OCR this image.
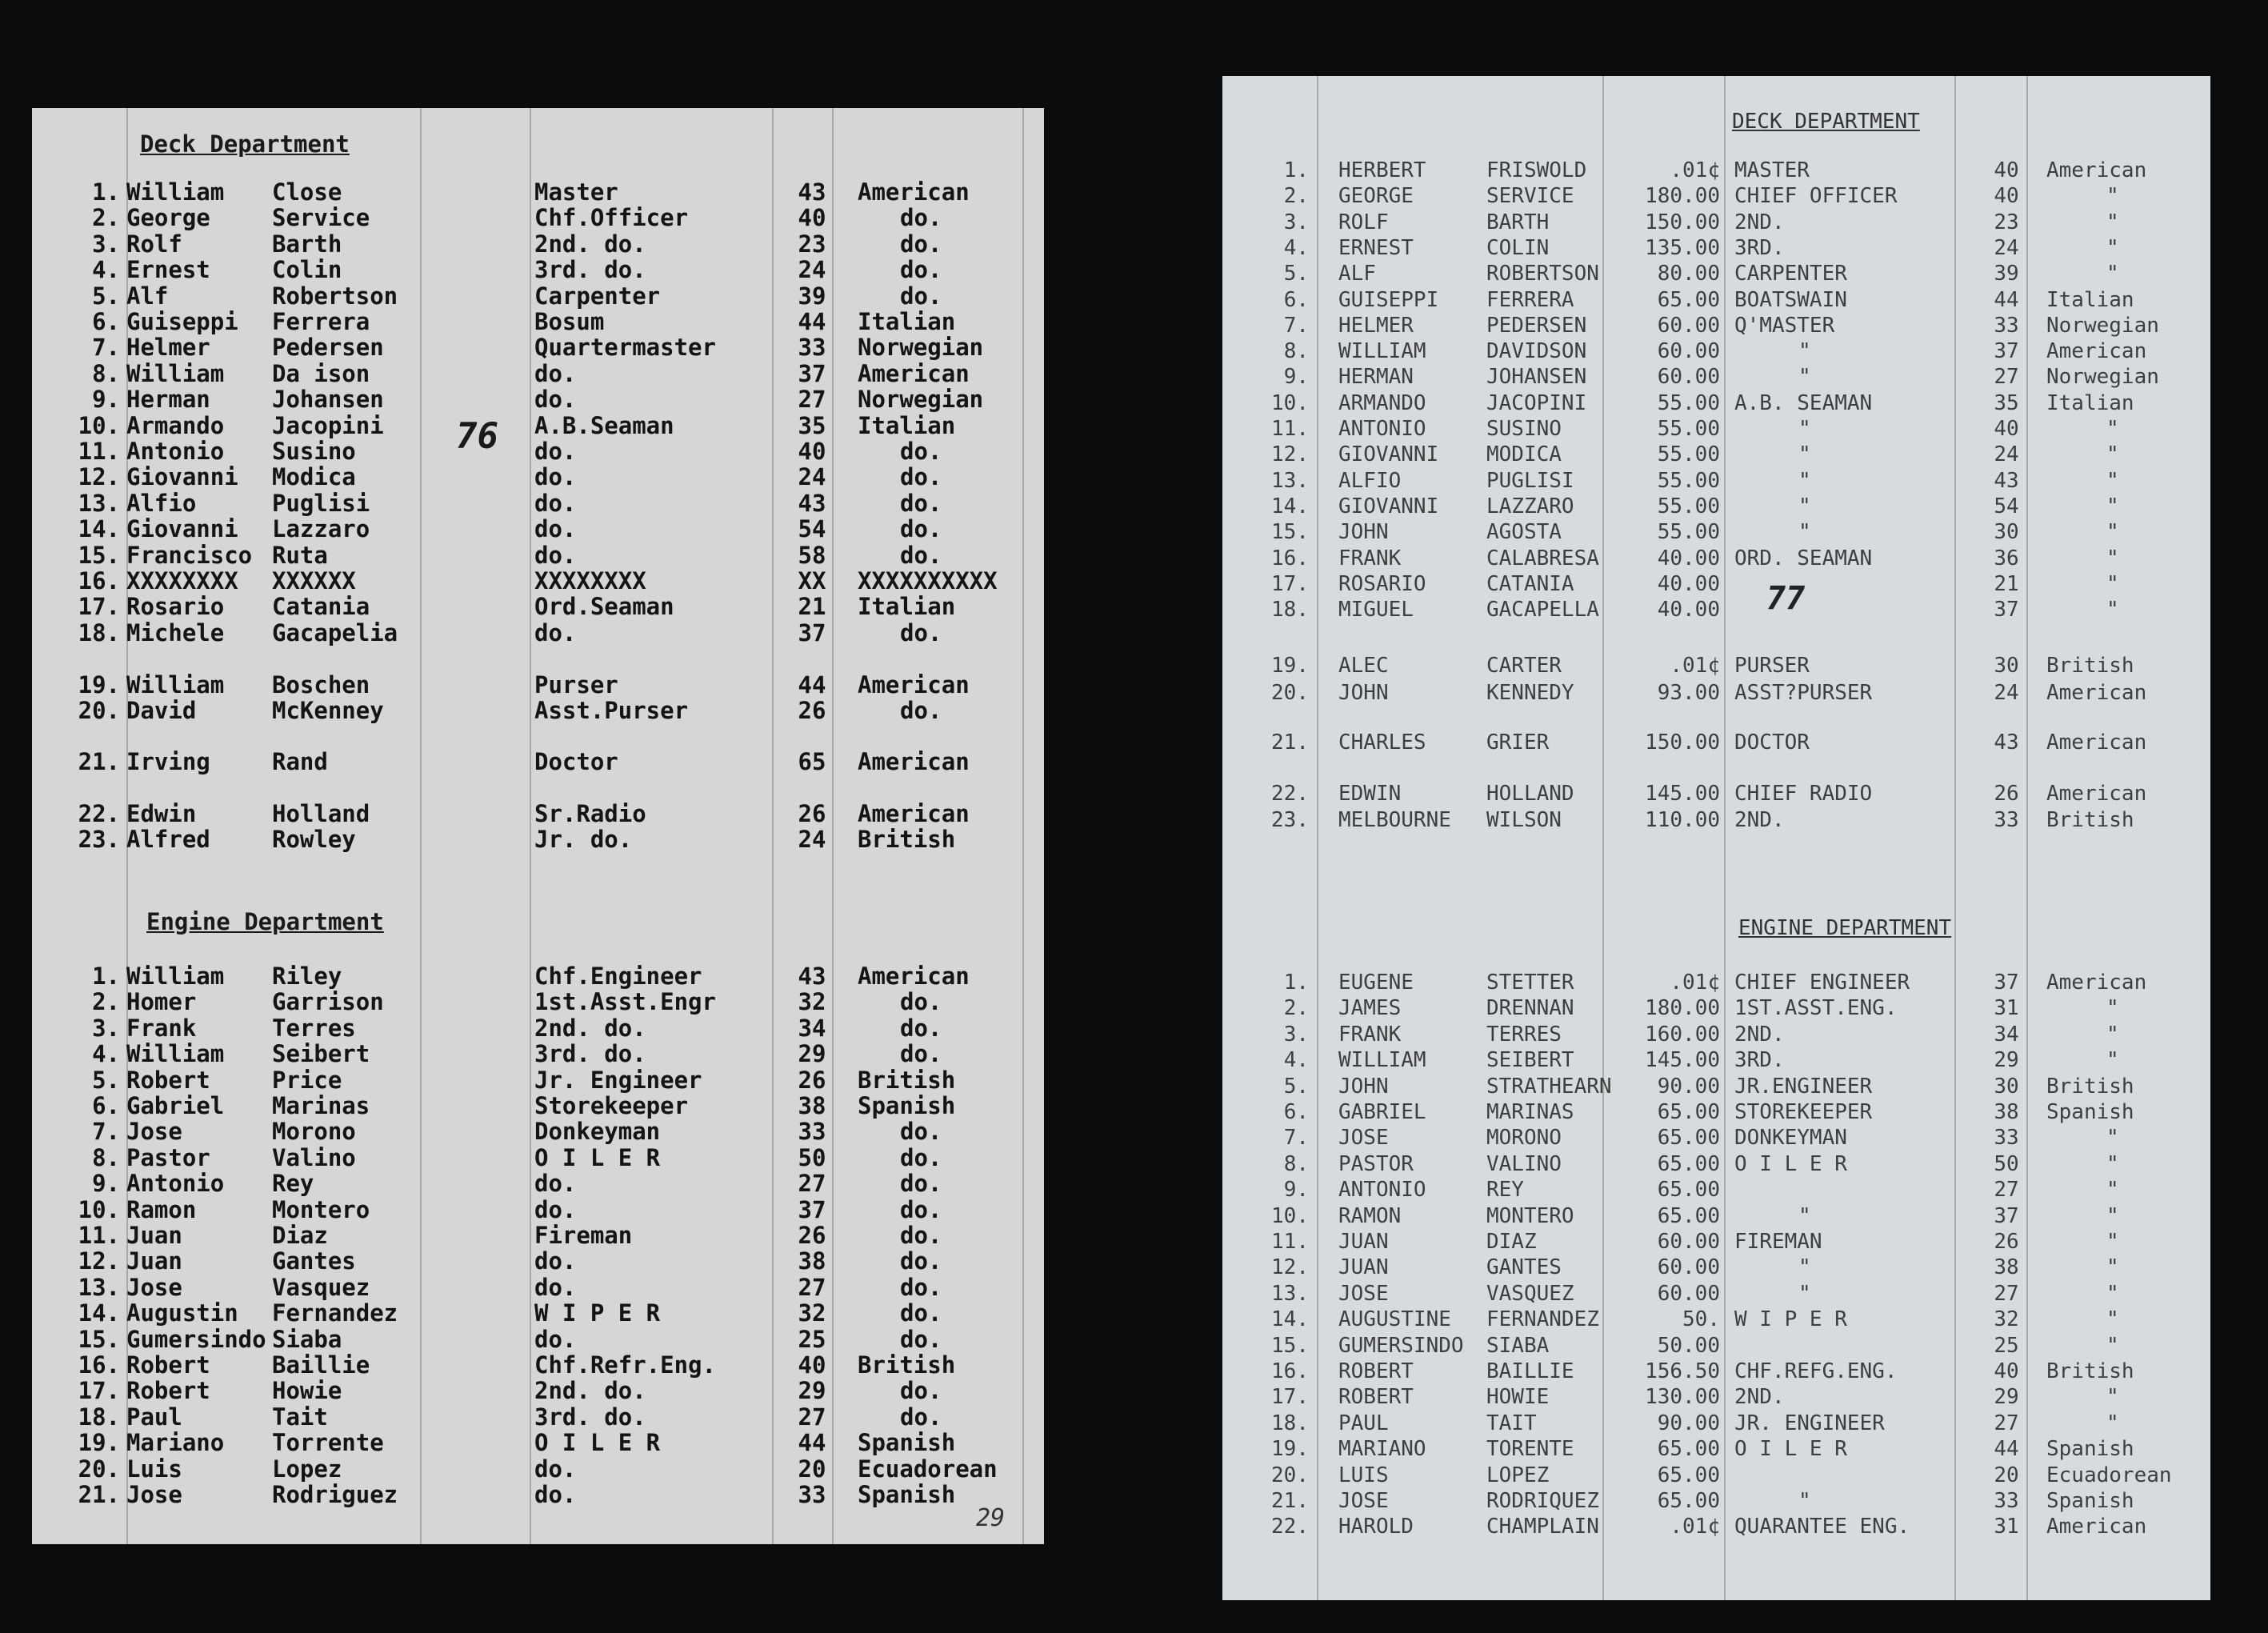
Deck Department
76
1. William Close	Master	43	American
2. George	Service	Chf.Officer	40	do.
3. Rolf	Barth	2nd. do.	23	do.
4. Ernest	Colin	3rd. do.	24	do.
5. Alf	Robertson	Carpenter	39	do.
6. Guiseppi Ferrera	Bosum	44	Italian
7. Helmer	Pedersen	Quartermaster	33	Norwegian
8. William Da ison	do.	37	American
9. Herman	Johansen	do.	27	Norwegian
10. Armando Jacopini	A.B.Seaman	35	Italian
11. Antonio Susino	do.	40	do.
12. Giovanni Modica	do.	24	do.
13. Alfio	Puglisi	do.	43	do.
14. Giovanni Lazzaro	do.	54	do.
15. Francisco Ruta	do.	58	do.
16. XXXXXXXX XXXXXX	XXXXXXXX	XX	XXXXXXXXXX
17. Rosario Catania	Ord.Seaman	21	Italian
18. Michele Gacapelia	do.	37	do.
19. William Boschen	Purser	44	American
20. David	McKenney	Asst.Purser	26	do.
21. Irving	Rand	Doctor	65	American
22. Edwin	Holland	Sr.Radio	26	American
23. Alfred	Rowley	Jr. do.	24	British
Engine Department
1. William Riley	Chf.Engineer	43	American
2. Homer	Garrison	1st.Asst.Engr	32	do.
3. Frank	Terres	2nd. do.	34	do.
4. William Seibert	3rd. do.	29	do.
5. Robert	Price	Jr. Engineer	26	British
6. Gabriel Marinas	Storekeeper	38	Spanish
7. Jose	Morono	Donkeyman	33	do.
8. Pastor	Valino	O I L E R	50	do.
9. Antonio Rey	do.	27	do.
10. Ramon	Montero	do.	37	do.
11. Juan	Diaz	Fireman	26	do.
12. Juan	Gantes	do.	38	do.
13. Jose	Vasquez	do.	27	do.
14. Augustin Fernandez	W I P E R	32	do.
15. Gumersindo Siaba	do.	25	do.
16. Robert	Baillie	Chf.Refr.Eng.	40	British
17. Robert	Howie	2nd. do.	29	do.
18. Paul	Tait	3rd. do.	27	do.
19. Mariano Torrente	O I L E R	44	Spanish
20. Luis	Lopez	do.	20	Ecuadorean
21. Jose	Rodriguez	do.	33	Spanish
29
DECK DEPARTMENT
77
1. HERBERT	FRISWOLD	.01¢ MASTER	40	American
2. GEORGE	SERVICE	180.00 CHIEF OFFICER	40	"
3. ROLF	BARTH	150.00 2ND.	23	"
4. ERNEST	COLIN	135.00 3RD.	24	"
5. ALF	ROBERTSON	80.00 CARPENTER	39	"
6. GUISEPPI FERRERA	65.00 BOATSWAIN	44	Italian
7. HELMER	PEDERSEN	60.00 Q'MASTER	33	Norwegian
8. WILLIAM	DAVIDSON	60.00	"	37	American
9. HERMAN	JOHANSEN	60.00	"	27	Norwegian
10. ARMANDO	JACOPINI	55.00 A.B. SEAMAN	35	Italian
11. ANTONIO	SUSINO	55.00	"	40	"
12. GIOVANNI MODICA	55.00	"	24	"
13. ALFIO	PUGLISI	55.00	"	43	"
14. GIOVANNI LAZZARO	55.00	"	54	"
15. JOHN	AGOSTA	55.00	"	30	"
16. FRANK	CALABRESA	40.00 ORD. SEAMAN	36	"
17. ROSARIO	CATANIA	40.00	21	"
18. MIGUEL	GACAPELLA	40.00	37	"
19. ALEC	CARTER	.01¢ PURSER	30	British
20. JOHN	KENNEDY	93.00 ASST?PURSER	24	American
21. CHARLES	GRIER	150.00 DOCTOR	43	American
22. EDWIN	HOLLAND	145.00 CHIEF RADIO	26	American
23. MELBOURNE WILSON	110.00 2ND.	33	British
ENGINE DEPARTMENT
1. EUGENE	STETTER	.01¢ CHIEF ENGINEER	37	American
2. JAMES	DRENNAN	180.00 1ST.ASST.ENG.	31	"
3. FRANK	TERRES	160.00 2ND.	34	"
4. WILLIAM	SEIBERT	145.00 3RD.	29	"
5. JOHN	STRATHEARN	90.00 JR.ENGINEER	30	British
6. GABRIEL	MARINAS	65.00 STOREKEEPER	38	Spanish
7. JOSE	MORONO	65.00 DONKEYMAN	33	"
8. PASTOR	VALINO	65.00 O I L E R	50	"
9. ANTONIO	REY	65.00	27	"
10. RAMON	MONTERO	65.00	"	37	"
11. JUAN	DIAZ	60.00 FIREMAN	26	"
12. JUAN	GANTES	60.00	"	38	"
13. JOSE	VASQUEZ	60.00	"	27	"
14. AUGUSTINE FERNANDEZ	50. W I P E R	32	"
15. GUMERSINDO SIABA	50.00	25	"
16. ROBERT	BAILLIE	156.50 CHF.REFG.ENG.	40	British
17. ROBERT	HOWIE	130.00 2ND.	29	"
18. PAUL	TAIT	90.00 JR. ENGINEER	27	"
19. MARIANO	TORENTE	65.00 O I L E R	44	Spanish
20. LUIS	LOPEZ	65.00	20	Ecuadorean
21. JOSE	RODRIQUEZ	65.00	"	33	Spanish
22. HAROLD	CHAMPLAIN	.01¢ QUARANTEE ENG.	31	American
